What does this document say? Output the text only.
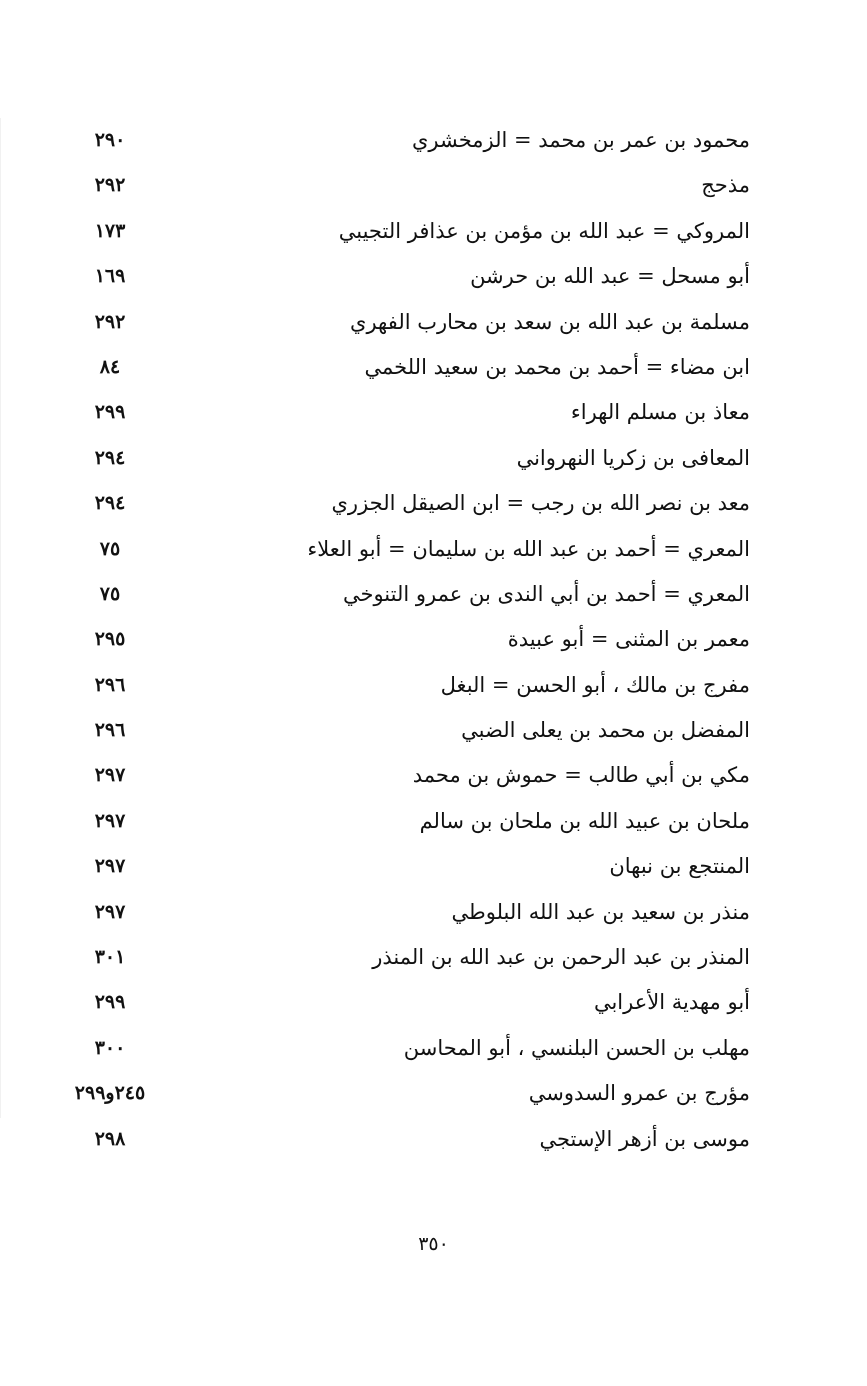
محمود بن عمر بن محمد = الزمخشري
٢٩٠
مذحج
٢٩٢
المروكي = عبد الله بن مؤمن بن عذافر التجيبي
١٧٣
أبو مسحل = عبد الله بن حرشن
١٦٩
مسلمة بن عبد الله بن سعد بن محارب الفهري
٢٩٢
ابن مضاء = أحمد بن محمد بن سعيد اللخمي
٨٤
معاذ بن مسلم الهراء
٢٩٩
المعافى بن زكريا النهرواني
٢٩٤
معد بن نصر الله بن رجب = ابن الصيقل الجزري
٢٩٤
المعري = أحمد بن عبد الله بن سليمان = أبو العلاء
٧٥
المعري = أحمد بن أبي الندى بن عمرو التنوخي
٧٥
معمر بن المثنى = أبو عبيدة
٢٩٥
مفرج بن مالك ، أبو الحسن = البغل
٢٩٦
المفضل بن محمد بن يعلى الضبي
٢٩٦
مكي بن أبي طالب = حموش بن محمد
٢٩٧
ملحان بن عبيد الله بن ملحان بن سالم
٢٩٧
المنتجع بن نبهان
٢٩٧
منذر بن سعيد بن عبد الله البلوطي
٢٩٧
المنذر بن عبد الرحمن بن عبد الله بن المنذر
٣٠١
أبو مهدية الأعرابي
٢٩٩
مهلب بن الحسن البلنسي ، أبو المحاسن
٣٠٠
مؤرج بن عمرو السدوسي
٢٤٥و٢٩٩
موسى بن أزهر الإستجي
٢٩٨
٣٥٠
